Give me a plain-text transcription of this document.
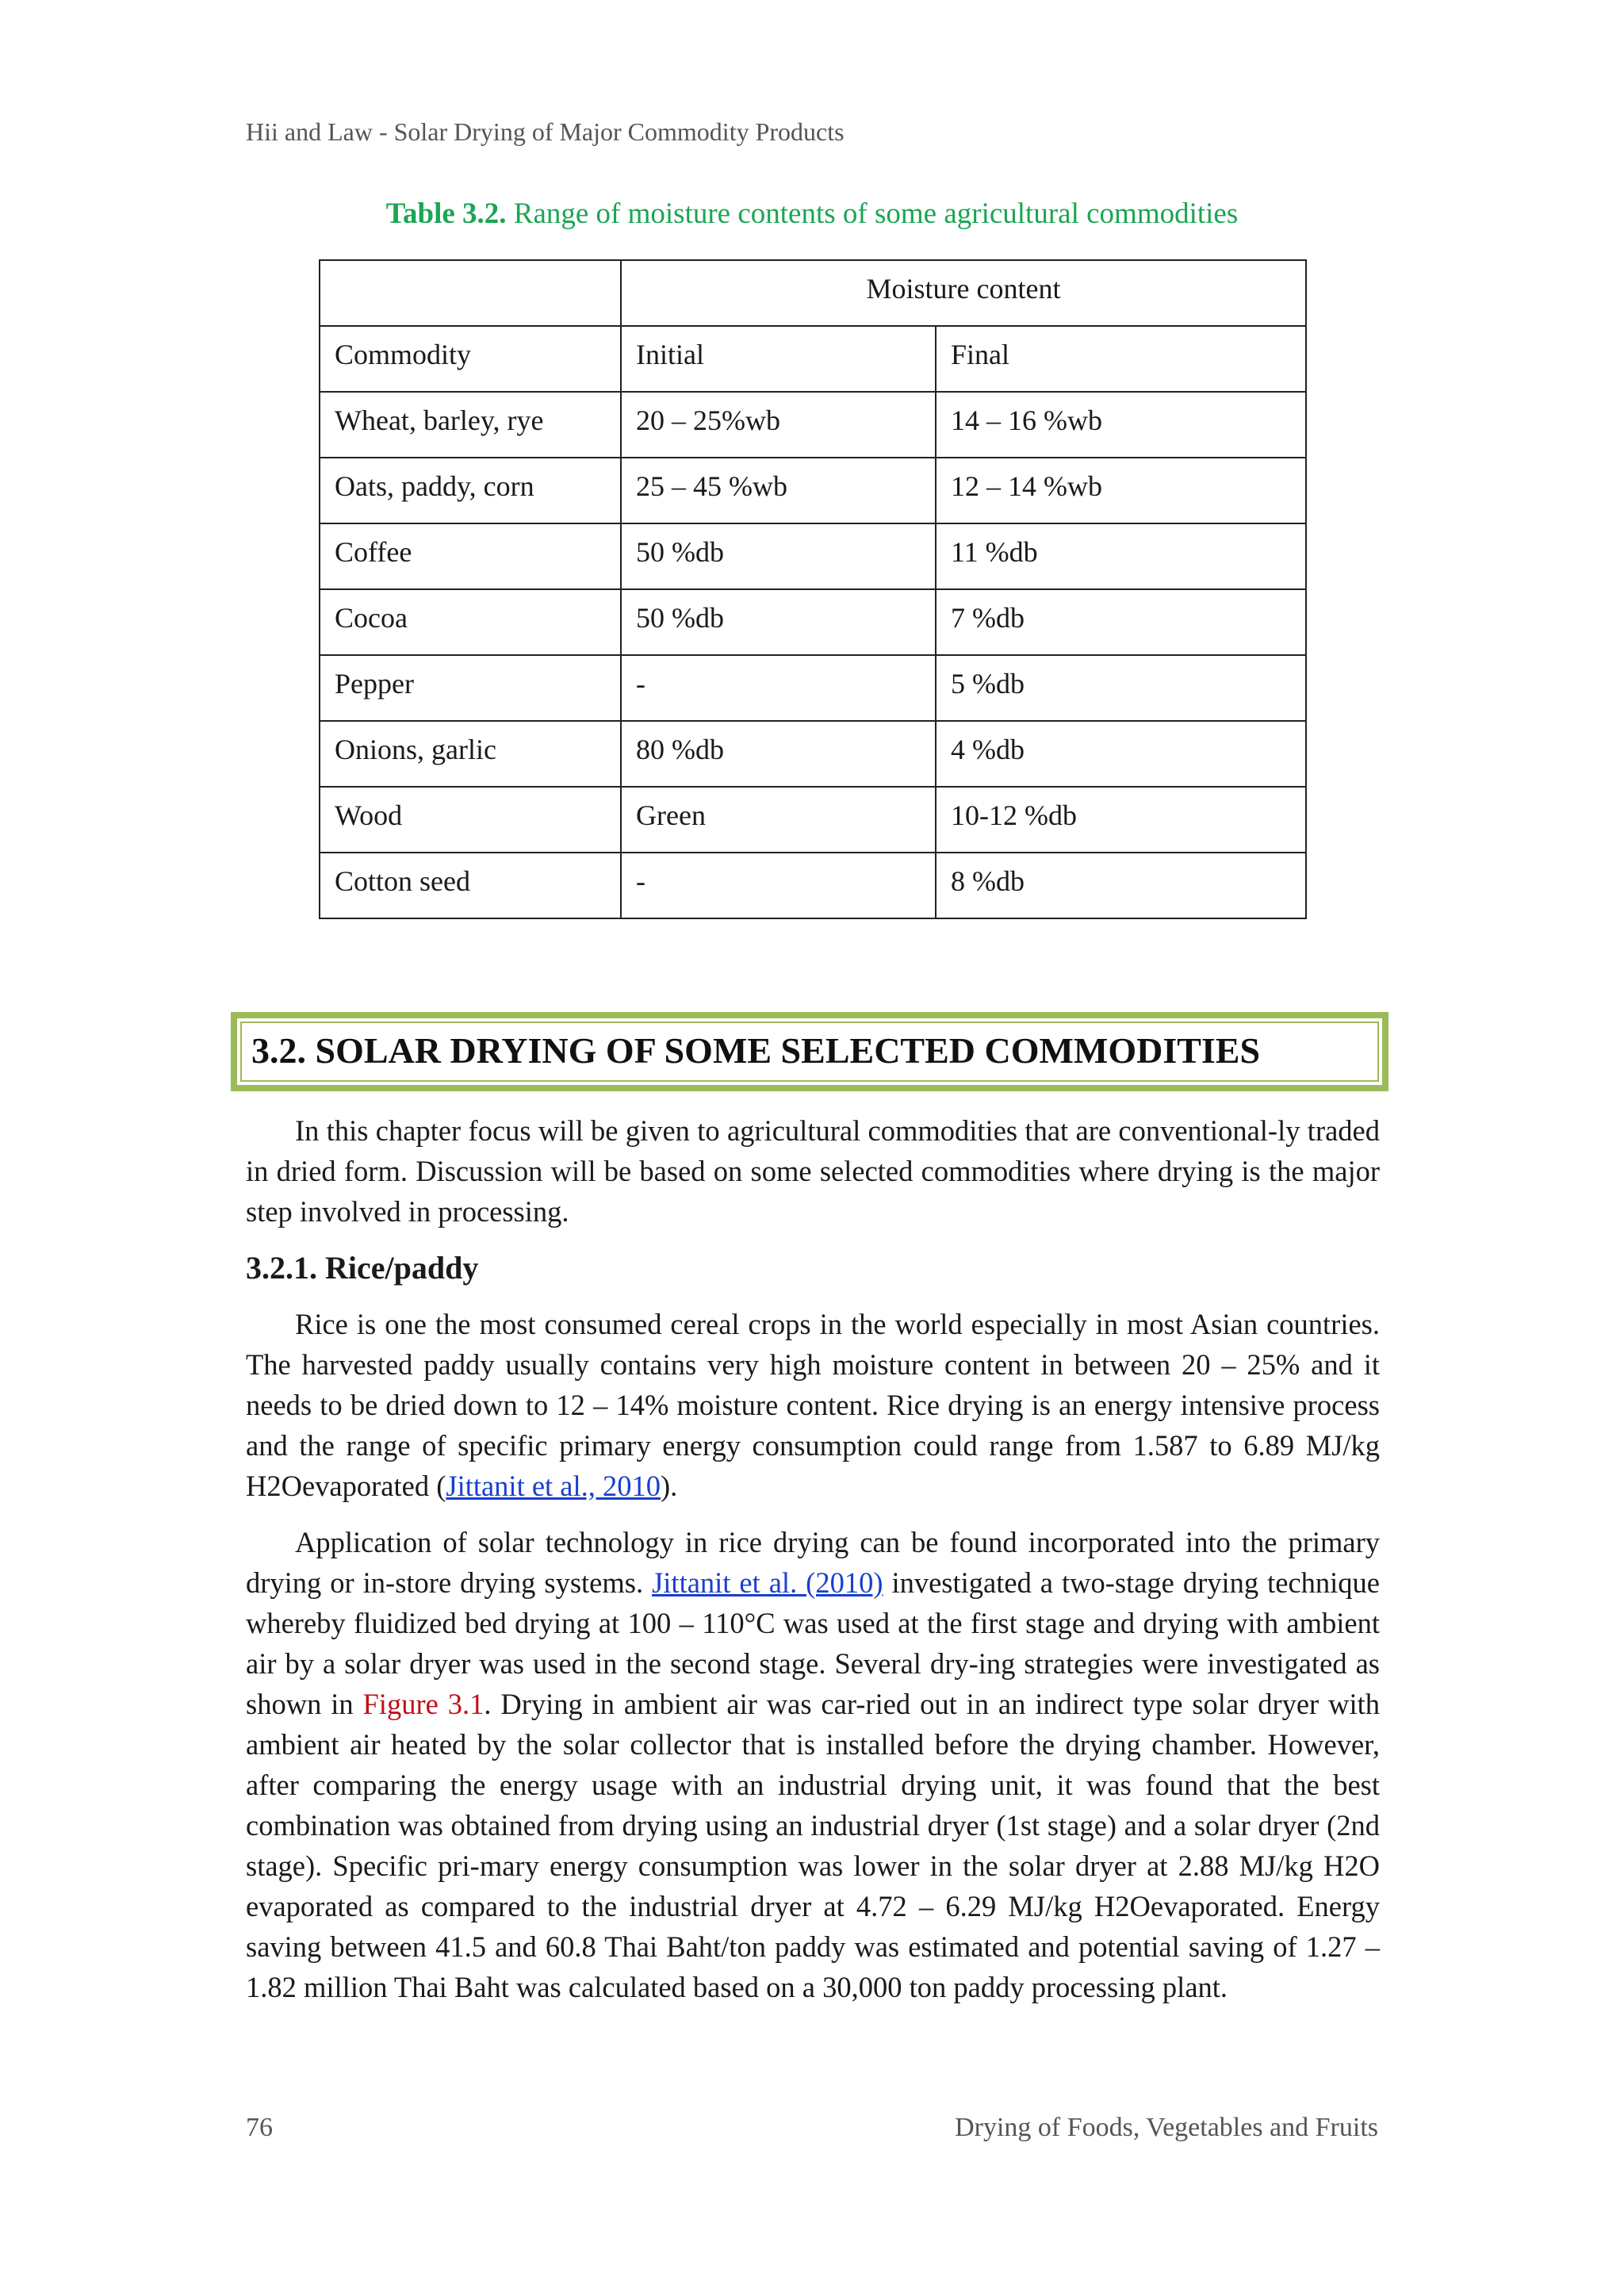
Hii and Law - Solar Drying of Major Commodity Products
Table 3.2. Range of moisture contents of some agricultural commodities
	Moisture content	
Commodity	Initial	Final
Wheat, barley, rye	20 – 25%wb	14 – 16 %wb
Oats, paddy, corn	25 – 45 %wb	12 – 14 %wb
Coffee	50 %db	11 %db
Cocoa	50 %db	7 %db
Pepper	-	5 %db
Onions, garlic	80 %db	4 %db
Wood	Green	10-12 %db
Cotton seed	-	8 %db
3.2. SOLAR DRYING OF SOME SELECTED COMMODITIES

In this chapter focus will be given to agricultural commodities that are conventional-ly traded in dried form. Discussion will be based on some selected commodities where drying is the major step involved in processing.

3.2.1. Rice/paddy

Rice is one the most consumed cereal crops in the world especially in most Asian countries. The harvested paddy usually contains very high moisture content in between 20 – 25% and it needs to be dried down to 12 – 14% moisture content. Rice drying is an energy intensive process and the range of specific primary energy consumption could range from 1.587 to 6.89 MJ/kg H2Oevaporated (Jittanit et al., 2010).

Application of solar technology in rice drying can be found incorporated into the primary drying or in-store drying systems. Jittanit et al. (2010) investigated a two-stage drying technique whereby fluidized bed drying at 100 – 110°C was used at the first stage and drying with ambient air by a solar dryer was used in the second stage. Several dry-ing strategies were investigated as shown in Figure 3.1. Drying in ambient air was car-ried out in an indirect type solar dryer with ambient air heated by the solar collector that is installed before the drying chamber. However, after comparing the energy usage with an industrial drying unit, it was found that the best combination was obtained from drying using an industrial dryer (1st stage) and a solar dryer (2nd stage). Specific pri-mary energy consumption was lower in the solar dryer at 2.88 MJ/kg H2O evaporated as compared to the industrial dryer at 4.72 – 6.29 MJ/kg H2Oevaporated. Energy saving between 41.5 and 60.8 Thai Baht/ton paddy was estimated and potential saving of 1.27 – 1.82 million Thai Baht was calculated based on a 30,000 ton paddy processing plant.

76	Drying of Foods, Vegetables and Fruits
